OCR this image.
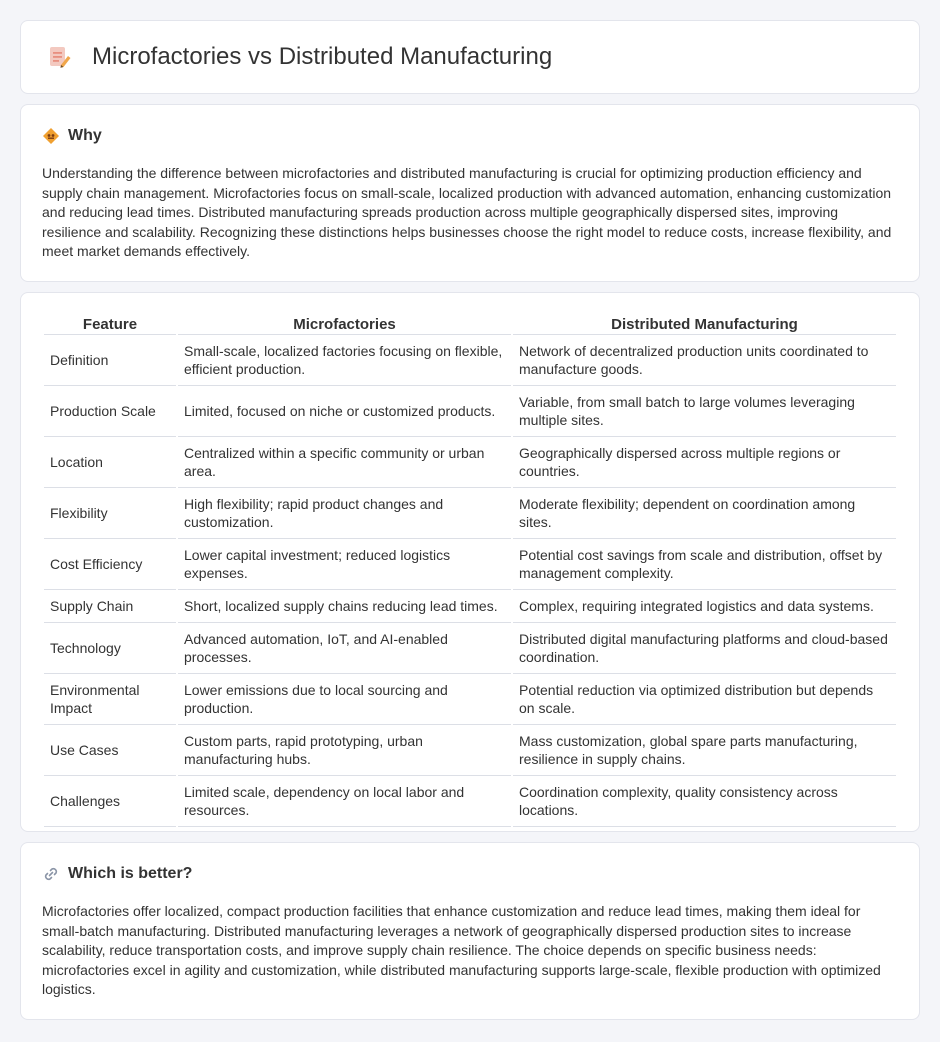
Microfactories vs Distributed Manufacturing
Why

Understanding the difference between microfactories and distributed manufacturing is crucial for optimizing production efficiency and supply chain management. Microfactories focus on small-scale, localized production with advanced automation, enhancing customization and reducing lead times. Distributed manufacturing spreads production across multiple geographically dispersed sites, improving resilience and scalability. Recognizing these distinctions helps businesses choose the right model to reduce costs, increase flexibility, and meet market demands effectively.

Feature	Microfactories	Distributed Manufacturing
Definition	Small-scale, localized factories focusing on flexible, efficient production.	Network of decentralized production units coordinated to manufacture goods.
Production Scale	Limited, focused on niche or customized products.	Variable, from small batch to large volumes leveraging multiple sites.
Location	Centralized within a specific community or urban area.	Geographically dispersed across multiple regions or countries.
Flexibility	High flexibility; rapid product changes and customization.	Moderate flexibility; dependent on coordination among sites.
Cost Efficiency	Lower capital investment; reduced logistics expenses.	Potential cost savings from scale and distribution, offset by management complexity.
Supply Chain	Short, localized supply chains reducing lead times.	Complex, requiring integrated logistics and data systems.
Technology	Advanced automation, IoT, and AI-enabled processes.	Distributed digital manufacturing platforms and cloud-based coordination.
Environmental Impact	Lower emissions due to local sourcing and production.	Potential reduction via optimized distribution but depends on scale.
Use Cases	Custom parts, rapid prototyping, urban manufacturing hubs.	Mass customization, global spare parts manufacturing, resilience in supply chains.
Challenges	Limited scale, dependency on local labor and resources.	Coordination complexity, quality consistency across locations.
Which is better?

Microfactories offer localized, compact production facilities that enhance customization and reduce lead times, making them ideal for small-batch manufacturing. Distributed manufacturing leverages a network of geographically dispersed production sites to increase scalability, reduce transportation costs, and improve supply chain resilience. The choice depends on specific business needs: microfactories excel in agility and customization, while distributed manufacturing supports large-scale, flexible production with optimized logistics.
